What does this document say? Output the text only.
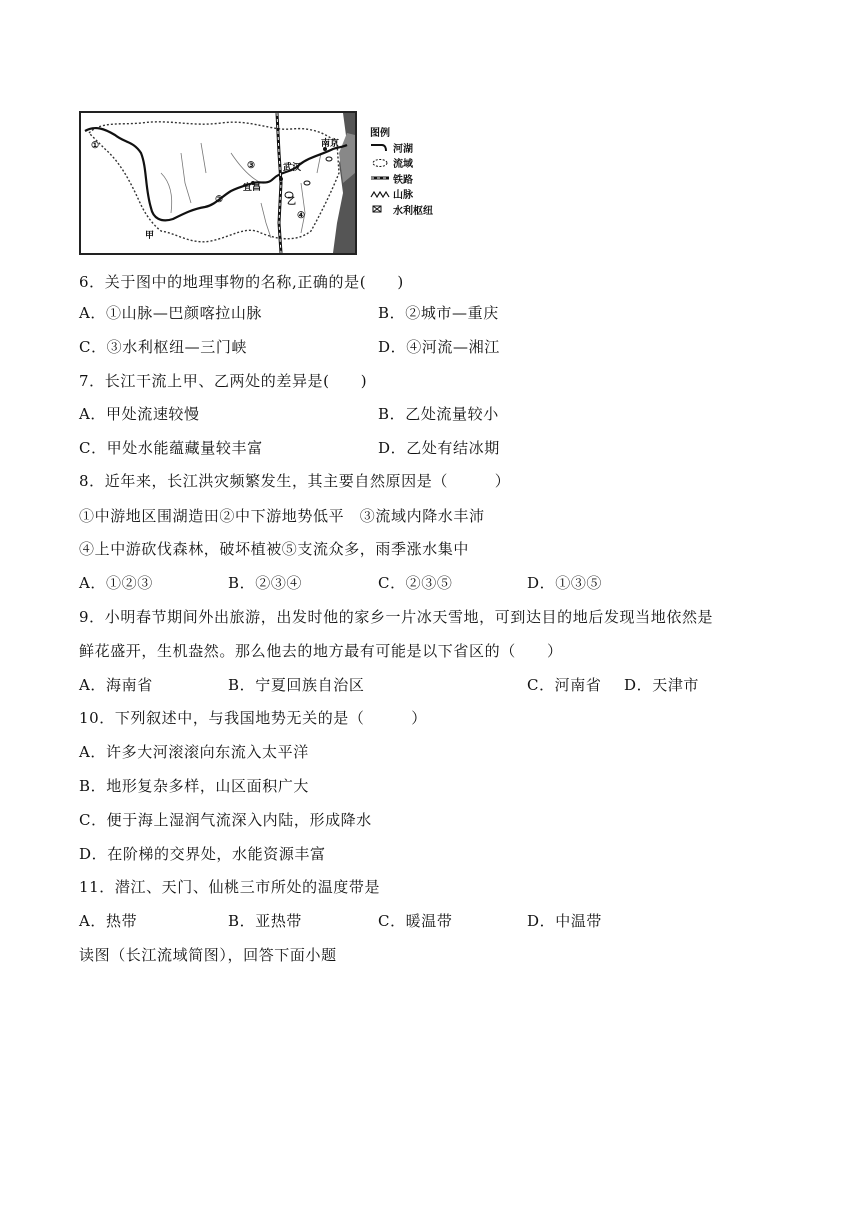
①
②
③
④
甲
乙
武汉
南京
宜昌
图例
河湖
流域
铁路
山脉
水利枢纽
6．关于图中的地理事物的名称,正确的是(　　)
A．①山脉—巴颜喀拉山脉	B．②城市—重庆
C．③水利枢纽—三门峡	D．④河流—湘江
7．长江干流上甲、乙两处的差异是(　　)
A．甲处流速较慢	B．乙处流量较小
C．甲处水能蕴藏量较丰富	D．乙处有结冰期
8．近年来，长江洪灾频繁发生，其主要自然原因是（　　　）
①中游地区围湖造田②中下游地势低平　③流域内降水丰沛
④上中游砍伐森林，破坏植被⑤支流众多，雨季涨水集中
A．①②③	B．②③④	C．②③⑤	D．①③⑤
9．小明春节期间外出旅游，出发时他的家乡一片冰天雪地，可到达目的地后发现当地依然是
鲜花盛开，生机盎然。那么他去的地方最有可能是以下省区的（　　）
A．海南省	B．宁夏回族自治区	C．河南省 D．天津市
10．下列叙述中，与我国地势无关的是（　　　）
A．许多大河滚滚向东流入太平洋
B．地形复杂多样，山区面积广大
C．便于海上湿润气流深入内陆，形成降水
D．在阶梯的交界处，水能资源丰富
11．潜江、天门、仙桃三市所处的温度带是
A．热带	B．亚热带	C．暖温带	D．中温带
读图（长江流域简图），回答下面小题
